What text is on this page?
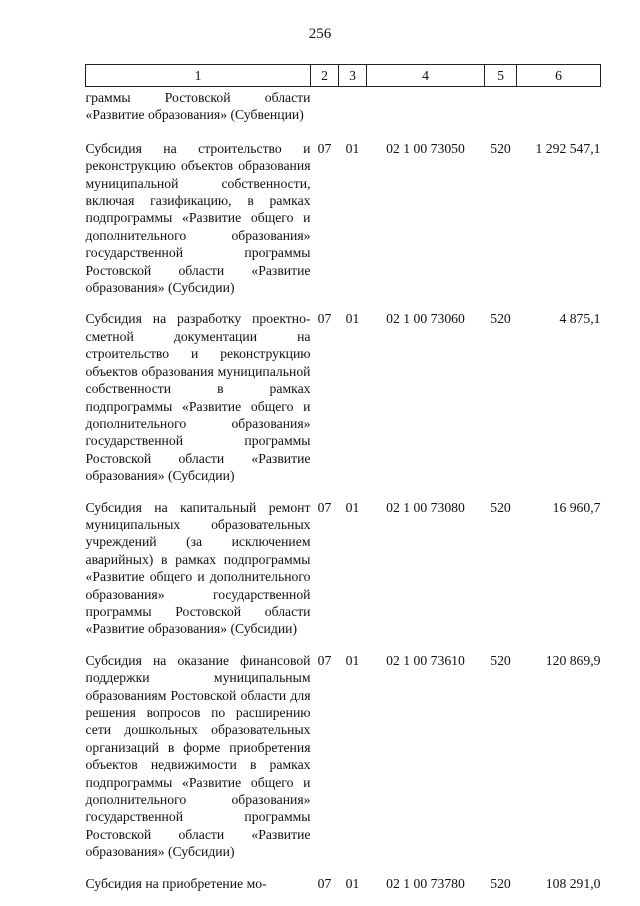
256
1	2	3	4	5	6
граммы Ростовской области «Развитие образования» (Субвенции)					
Субсидия на строительство и реконструкцию объектов образования муниципальной собственности, включая газификацию, в рамках подпрограммы «Развитие общего и дополнительного образования» государственной программы Ростовской области «Развитие образования» (Субсидии)	07	01	02 1 00 73050	520	1 292 547,1
Субсидия на разработку проектно-сметной документации на строительство и реконструкцию объектов образования муниципальной собственности в рамках подпрограммы «Развитие общего и дополнительного образования» государственной программы Ростовской области «Развитие образования» (Субсидии)	07	01	02 1 00 73060	520	4 875,1
Субсидия на капитальный ремонт муниципальных образовательных учреждений (за исключением аварийных) в рамках подпрограммы «Развитие общего и дополнительного образования» государственной программы Ростовской области «Развитие образования» (Субсидии)	07	01	02 1 00 73080	520	16 960,7
Субсидия на оказание финансовой поддержки муниципальным образованиям Ростовской области для решения вопросов по расширению сети дошкольных образовательных организаций в форме приобретения объектов недвижимости в рамках подпрограммы «Развитие общего и дополнительного образования» государственной программы Ростовской области «Развитие образования» (Субсидии)	07	01	02 1 00 73610	520	120 869,9
Субсидия на приобретение мо-	07	01	02 1 00 73780	520	108 291,0
